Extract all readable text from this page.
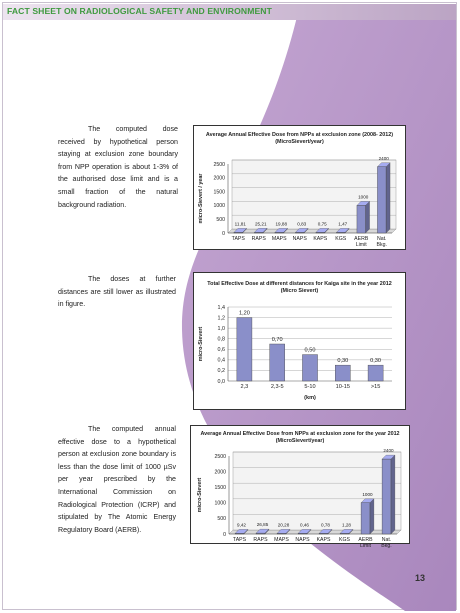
FACT SHEET ON RADIOLOGICAL SAFETY AND ENVIRONMENT

The computed dose received by hypothetical person staying at exclusion zone boundary from NPP operation is about 1-3% of the authorised dose limit and is a small fraction of the natural background radiation.

The doses at further distances are still lower as illustrated in figure.

The computed annual effective dose to a hypothetical person at exclusion zone boundary is less than the dose limit of 1000 µSv per year prescribed by the International Commission on Radiological Protection (ICRP) and stipulated by The Atomic Energy Regulatory Board (AERB).

Average Annual Effective Dose from NPPs at exclusion zone (2008- 2012)
(MicroSievert/year)
0
500
1000
1500
2000
2500
micro-Sievert / year
11,81
TAPS
25,21
RAPS
19,88
MAPS
0,83
NAPS
0,75
KAPS
1,47
KGS
1000
AERB
Limit
2400
Nat.
Bkg.
Total Effective Dose at different distances for Kaiga site in the year 2012
(Micro Sievert)
0,0
0,2
0,4
0,6
0,8
1,0
1,2
1,4
micro-Sievert
1,20
2,3
0,70
2,3-5
0,50
5-10
0,30
10-15
0,30
>15
(km)
Average Annual Effective Dose from NPPs at exclusion zone for the year 2012
(MicroSievert/year)
0
500
1000
1500
2000
2500
micro-Sievert
9,42
TAPS
26,85
RAPS
20,28
MAPS
0,46
NAPS
0,78
KAPS
1,28
KGS
1000
AERB
Limit
2400
Nat.
Bkg.
13
